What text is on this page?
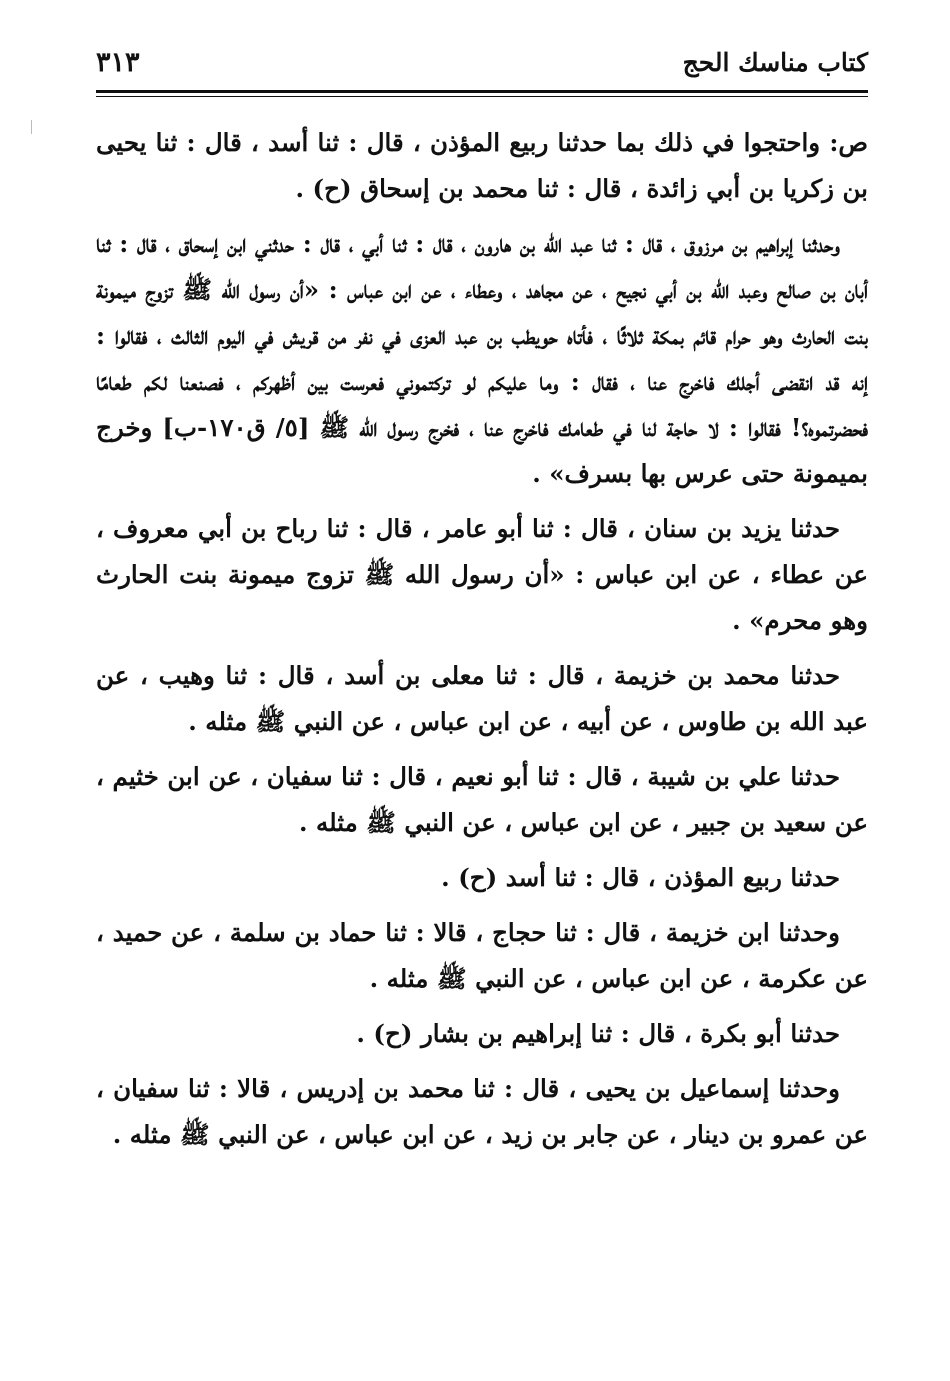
كتاب مناسك الحج
٣١٣

ص: واحتجوا في ذلك بما حدثنا ربيع المؤذن ، قال : ثنا أسد ، قال : ثنا يحيى بن زكريا بن أبي زائدة ، قال : ثنا محمد بن إسحاق (ح) .

وحدثنا إبراهيم بن مرزوق ، قال : ثنا عبد الله بن هارون ، قال : ثنا أبي ، قال : حدثني ابن إسحاق ، قال : ثنا أبان بن صالح وعبد الله بن أبي نجيح ، عن مجاهد ، وعطاء ، عن ابن عباس : «أن رسول الله ﷺ تزوج ميمونة بنت الحارث وهو حرام قائم بمكة ثلاثًا ، فأتاه حويطب بن عبد العزى في نفر من قريش في اليوم الثالث ، فقالوا : إنه قد انقضى أجلك فاخرج عنا ، فقال : وما عليكم لو تركتموني فعرست بين أظهركم ، فصنعنا لكم طعامًا فحضرتموه؟! فقالوا : لا حاجة لنا في طعامك فاخرج عنا ، فخرج رسول الله ﷺ [٥/ ق١٧٠-ب] وخرج بميمونة حتى عرس بها بسرف» .

حدثنا يزيد بن سنان ، قال : ثنا أبو عامر ، قال : ثنا رباح بن أبي معروف ، عن عطاء ، عن ابن عباس : «أن رسول الله ﷺ تزوج ميمونة بنت الحارث وهو محرم» .

حدثنا محمد بن خزيمة ، قال : ثنا معلى بن أسد ، قال : ثنا وهيب ، عن عبد الله بن طاوس ، عن أبيه ، عن ابن عباس ، عن النبي ﷺ مثله .

حدثنا علي بن شيبة ، قال : ثنا أبو نعيم ، قال : ثنا سفيان ، عن ابن خثيم ، عن سعيد بن جبير ، عن ابن عباس ، عن النبي ﷺ مثله .

حدثنا ربيع المؤذن ، قال : ثنا أسد (ح) .

وحدثنا ابن خزيمة ، قال : ثنا حجاج ، قالا : ثنا حماد بن سلمة ، عن حميد ، عن عكرمة ، عن ابن عباس ، عن النبي ﷺ مثله .

حدثنا أبو بكرة ، قال : ثنا إبراهيم بن بشار (ح) .

وحدثنا إسماعيل بن يحيى ، قال : ثنا محمد بن إدريس ، قالا : ثنا سفيان ، عن عمرو بن دينار ، عن جابر بن زيد ، عن ابن عباس ، عن النبي ﷺ مثله .
